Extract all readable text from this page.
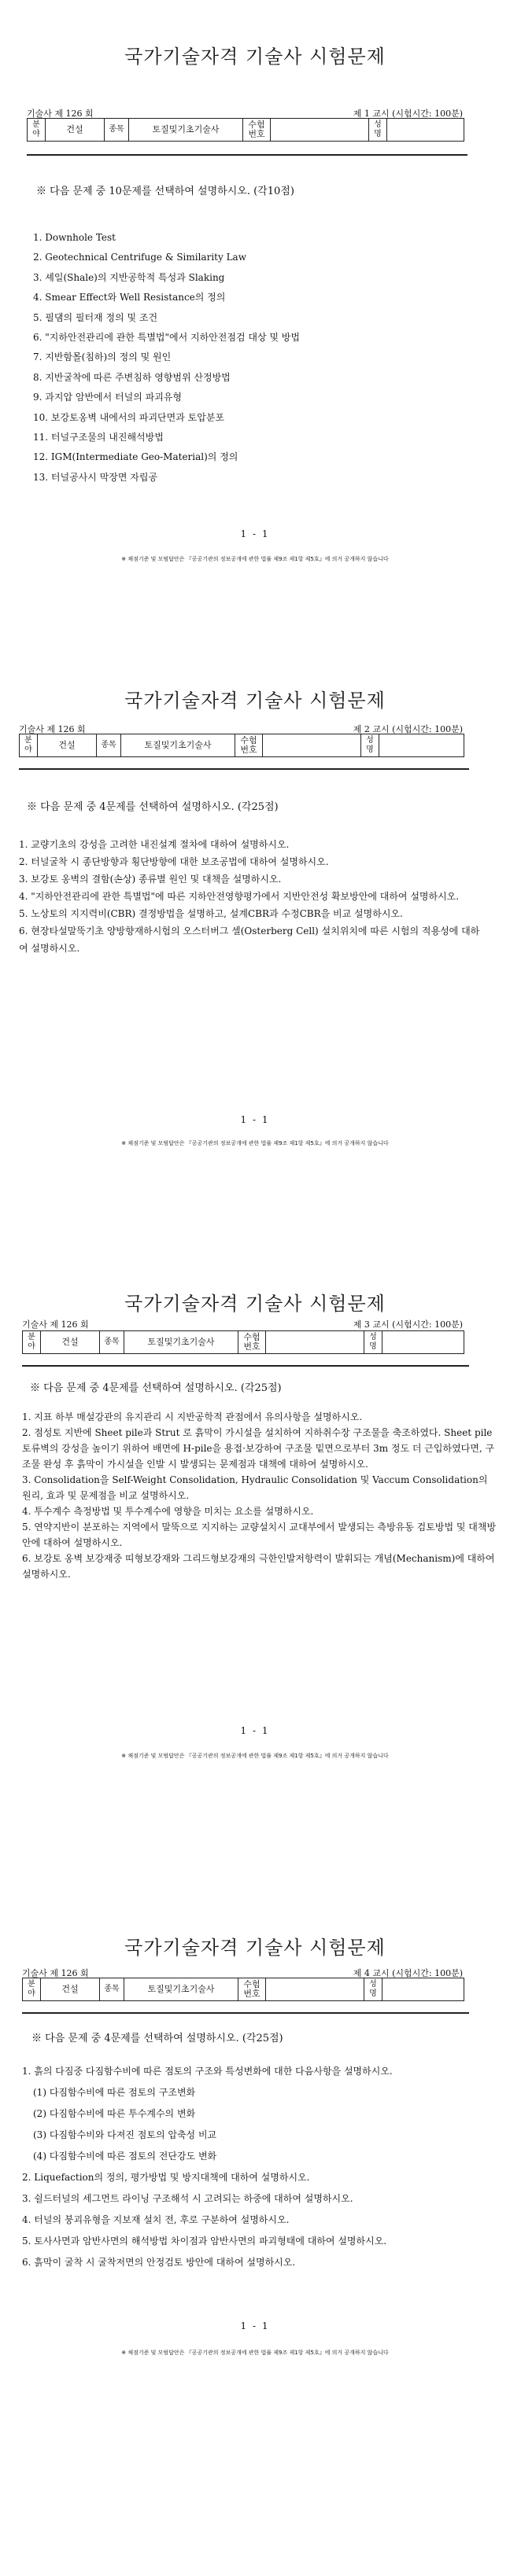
국가기술자격 기술사 시험문제
기술사 제 126 회	제 1 교시 (시험시간: 100분)
분야	건설	종목	토질및기초기술사	수험번호		성명	
※ 다음 문제 중 10문제를 선택하여 설명하시오. (각10점)
1. Downhole Test
2. Geotechnical Centrifuge & Similarity Law
3. 셰일(Shale)의 지반공학적 특성과 Slaking
4. Smear Effect와 Well Resistance의 정의
5. 필댐의 필터재 정의 및 조건
6. "지하안전관리에 관한 특별법"에서 지하안전점검 대상 및 방법
7. 지반함몰(침하)의 정의 및 원인
8. 지반굴착에 따른 주변침하 영향범위 산정방법
9. 과지압 암반에서 터널의 파괴유형
10. 보강토옹벽 내에서의 파괴단면과 토압분포
11. 터널구조물의 내진해석방법
12. IGM(Intermediate Geo-Material)의 정의
13. 터널공사시 막장면 자립공
1 - 1
※ 채점기준 및 모범답안은 『공공기관의 정보공개에 관한 법률 제9조 제1항 제5호』에 의거 공개하지 않습니다
국가기술자격 기술사 시험문제
기술사 제 126 회	제 2 교시 (시험시간: 100분)
분야	건설	종목	토질및기초기술사	수험번호		성명	
※ 다음 문제 중 4문제를 선택하여 설명하시오. (각25점)
1. 교량기초의 강성을 고려한 내진설계 절차에 대하여 설명하시오.
2. 터널굴착 시 종단방향과 횡단방향에 대한 보조공법에 대하여 설명하시오.
3. 보강토 옹벽의 결함(손상) 종류별 원인 및 대책을 설명하시오.
4. "지하안전관리에 관한 특별법"에 따른 지하안전영향평가에서 지반안전성 확보방안에 대하여 설명하시오.
5. 노상토의 지지력비(CBR) 결정방법을 설명하고, 설계CBR과 수정CBR을 비교 설명하시오.
6. 현장타설말뚝기초 양방향재하시험의 오스터버그 셀(Osterberg Cell) 설치위치에 따른 시험의 적용성에 대하여 설명하시오.
1 - 1
※ 채점기준 및 모범답안은 『공공기관의 정보공개에 관한 법률 제9조 제1항 제5호』에 의거 공개하지 않습니다
국가기술자격 기술사 시험문제
기술사 제 126 회	제 3 교시 (시험시간: 100분)
분야	건설	종목	토질및기초기술사	수험번호		성명	
※ 다음 문제 중 4문제를 선택하여 설명하시오. (각25점)
1. 지표 하부 매설강관의 유지관리 시 지반공학적 관점에서 유의사항을 설명하시오.
2. 점성토 지반에 Sheet pile과 Strut 로 흙막이 가시설을 설치하여 지하취수장 구조물을 축조하였다. Sheet pile 토류벽의 강성을 높이기 위하여 배면에 H-pile을 용접·보강하여 구조물 밑면으로부터 3m 정도 더 근입하였다면, 구조물 완성 후 흙막이 가시설을 인발 시 발생되는 문제점과 대책에 대하여 설명하시오.
3. Consolidation을 Self-Weight Consolidation, Hydraulic Consolidation 및 Vaccum Consolidation의 원리, 효과 및 문제점을 비교 설명하시오.
4. 투수계수 측정방법 및 투수계수에 영향을 미치는 요소를 설명하시오.
5. 연약지반이 분포하는 지역에서 말뚝으로 지지하는 교량설치시 교대부에서 발생되는 측방유동 검토방법 및 대책방안에 대하여 설명하시오.
6. 보강토 옹벽 보강재중 띠형보강재와 그리드형보강재의 극한인발저항력이 발휘되는 개념(Mechanism)에 대하여 설명하시오.
1 - 1
※ 채점기준 및 모범답안은 『공공기관의 정보공개에 관한 법률 제9조 제1항 제5호』에 의거 공개하지 않습니다
국가기술자격 기술사 시험문제
기술사 제 126 회	제 4 교시 (시험시간: 100분)
분야	건설	종목	토질및기초기술사	수험번호		성명	
※ 다음 문제 중 4문제를 선택하여 설명하시오. (각25점)
1. 흙의 다짐중 다짐함수비에 따른 점토의 구조와 특성변화에 대한 다음사항을 설명하시오.
(1) 다짐함수비에 따른 점토의 구조변화
(2) 다짐함수비에 따른 투수계수의 변화
(3) 다짐함수비와 다져진 점토의 압축성 비교
(4) 다짐함수비에 따른 점토의 전단강도 변화
2. Liquefaction의 정의, 평가방법 및 방지대책에 대하여 설명하시오.
3. 쉴드터널의 세그먼트 라이닝 구조해석 시 고려되는 하중에 대하여 설명하시오.
4. 터널의 붕괴유형을 지보재 설치 전, 후로 구분하여 설명하시오.
5. 토사사면과 암반사면의 해석방법 차이점과 암반사면의 파괴형태에 대하여 설명하시오.
6. 흙막이 굴착 시 굴착저면의 안정검토 방안에 대하여 설명하시오.
1 - 1
※ 채점기준 및 모범답안은 『공공기관의 정보공개에 관한 법률 제9조 제1항 제5호』에 의거 공개하지 않습니다
